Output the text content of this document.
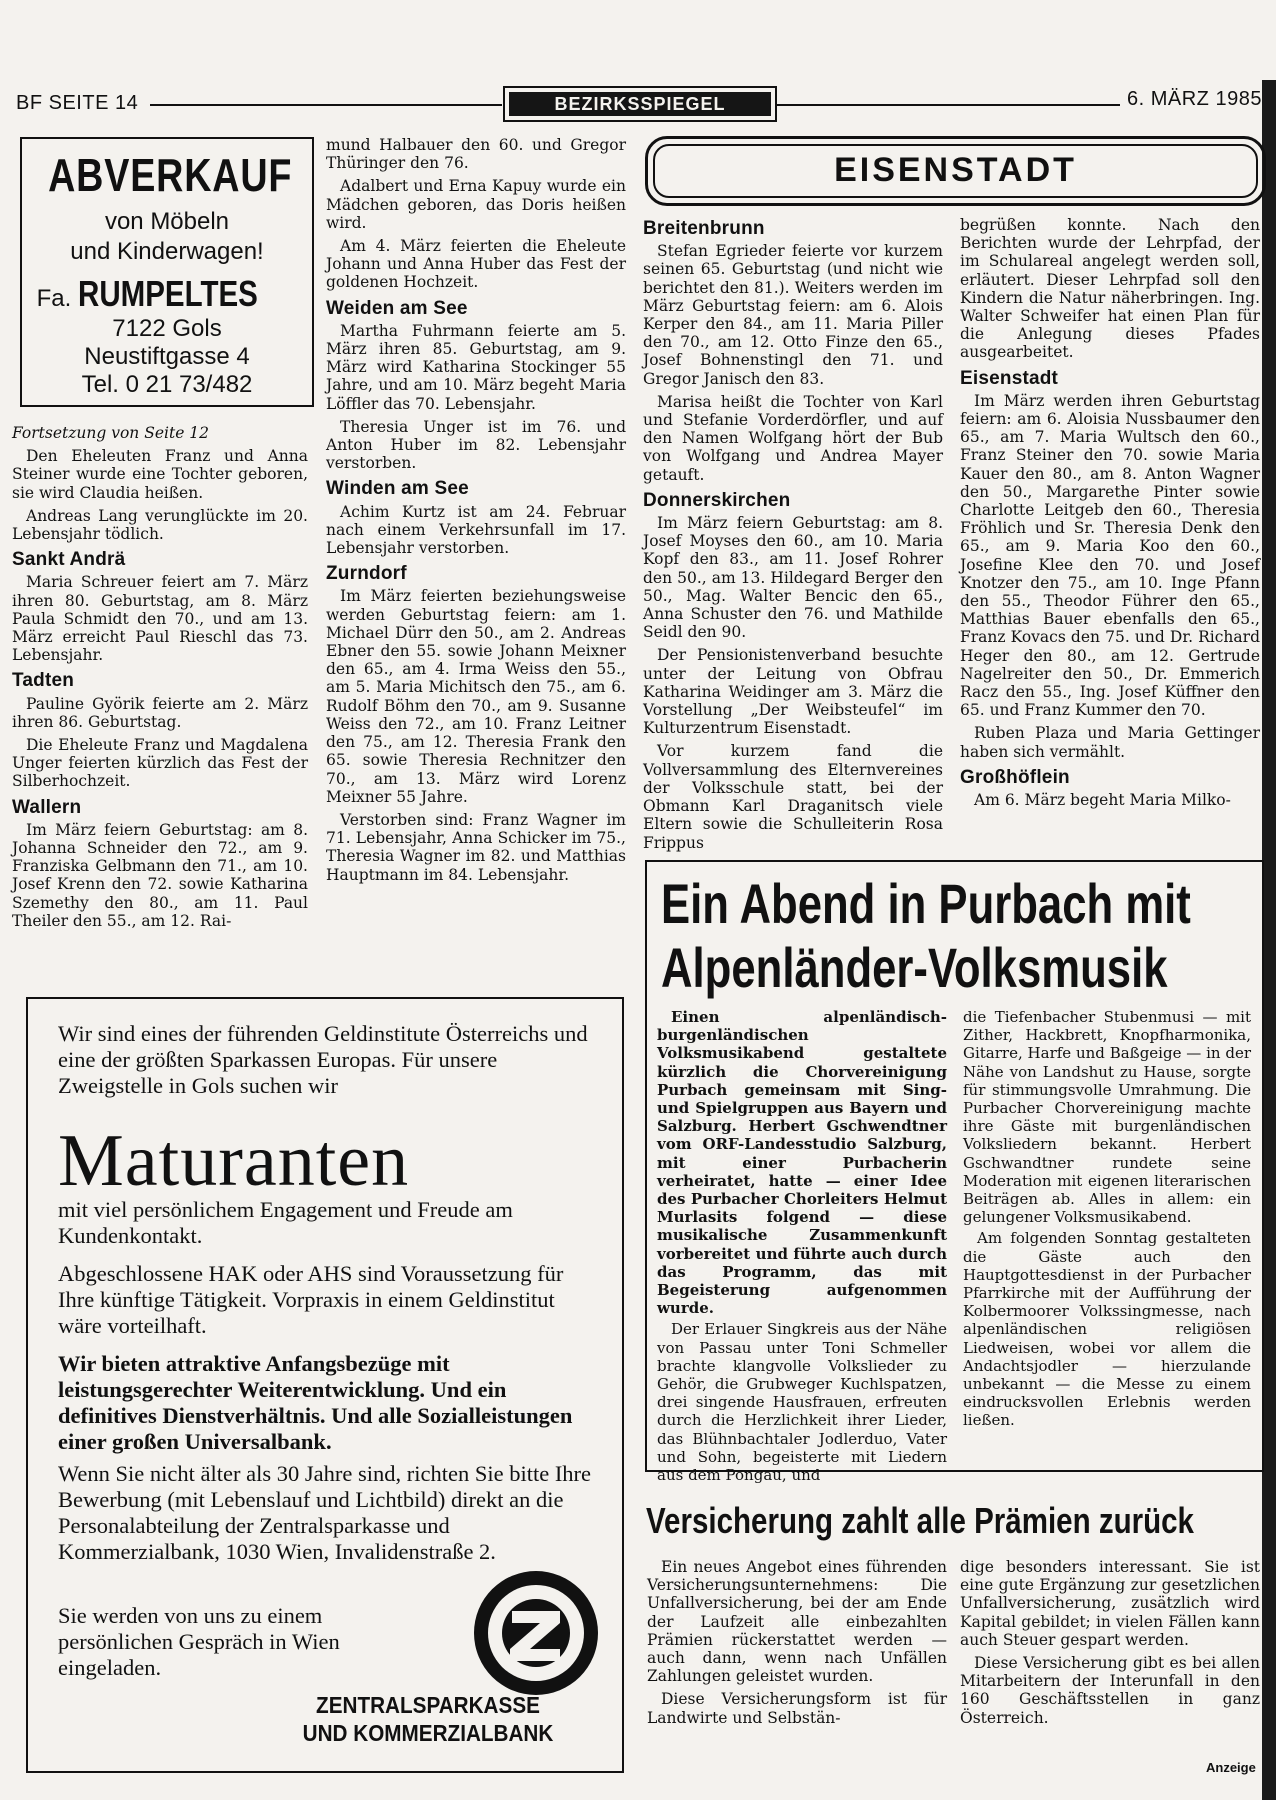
BF SEITE 14	BEZIRKSSPIEGEL	6. MÄRZ 1985
ABVERKAUF
von Möbeln
und Kinderwagen!
Fa. RUMPELTES
7122 Gols
Neustiftgasse 4
Tel. 0 21 73/482

Fortsetzung von Seite 12

Den Eheleuten Franz und Anna Steiner wurde eine Tochter geboren, sie wird Claudia heißen.

Andreas Lang verunglückte im 20. Lebensjahr tödlich.

Sankt Andrä

Maria Schreuer feiert am 7. März ihren 80. Geburtstag, am 8. März Paula Schmidt den 70., und am 13. März erreicht Paul Rieschl das 73. Lebensjahr.

Tadten

Pauline Györik feierte am 2. März ihren 86. Geburtstag.

Die Eheleute Franz und Magdalena Unger feierten kürzlich das Fest der Silberhochzeit.

Wallern

Im März feiern Geburtstag: am 8. Johanna Schneider den 72., am 9. Franziska Gelbmann den 71., am 10. Josef Krenn den 72. sowie Katharina Szemethy den 80., am 11. Paul Theiler den 55., am 12. Rai-

mund Halbauer den 60. und Gregor Thüringer den 76.

Adalbert und Erna Kapuy wurde ein Mädchen geboren, das Doris heißen wird.

Am 4. März feierten die Eheleute Johann und Anna Huber das Fest der goldenen Hochzeit.

Weiden am See

Martha Fuhrmann feierte am 5. März ihren 85. Geburtstag, am 9. März wird Katharina Stockinger 55 Jahre, und am 10. März begeht Maria Löffler das 70. Lebensjahr.

Theresia Unger ist im 76. und Anton Huber im 82. Lebensjahr verstorben.

Winden am See

Achim Kurtz ist am 24. Februar nach einem Verkehrsunfall im 17. Lebensjahr verstorben.

Zurndorf

Im März feierten beziehungsweise werden Geburtstag feiern: am 1. Michael Dürr den 50., am 2. Andreas Ebner den 55. sowie Johann Meixner den 65., am 4. Irma Weiss den 55., am 5. Maria Michitsch den 75., am 6. Rudolf Böhm den 70., am 9. Susanne Weiss den 72., am 10. Franz Leitner den 75., am 12. Theresia Frank den 65. sowie Theresia Rechnitzer den 70., am 13. März wird Lorenz Meixner 55 Jahre.

Verstorben sind: Franz Wagner im 71. Lebensjahr, Anna Schicker im 75., Theresia Wagner im 82. und Matthias Hauptmann im 84. Lebensjahr.

EISENSTADT
Breitenbrunn

Stefan Egrieder feierte vor kurzem seinen 65. Geburtstag (und nicht wie berichtet den 81.). Weiters werden im März Geburtstag feiern: am 6. Alois Kerper den 84., am 11. Maria Piller den 70., am 12. Otto Finze den 65., Josef Bohnenstingl den 71. und Gregor Janisch den 83.

Marisa heißt die Tochter von Karl und Stefanie Vorderdörfler, und auf den Namen Wolfgang hört der Bub von Wolfgang und Andrea Mayer getauft.

Donnerskirchen

Im März feiern Geburtstag: am 8. Josef Moyses den 60., am 10. Maria Kopf den 83., am 11. Josef Rohrer den 50., am 13. Hildegard Berger den 50., Mag. Walter Bencic den 65., Anna Schuster den 76. und Mathilde Seidl den 90.

Der Pensionistenverband besuchte unter der Leitung von Obfrau Katharina Weidinger am 3. März die Vorstellung „Der Weibsteufel“ im Kulturzentrum Eisenstadt.

Vor kurzem fand die Vollversammlung des Elternvereines der Volksschule statt, bei der Obmann Karl Draganitsch viele Eltern sowie die Schulleiterin Rosa Frippus

begrüßen konnte. Nach den Berichten wurde der Lehrpfad, der im Schulareal angelegt werden soll, erläutert. Dieser Lehrpfad soll den Kindern die Natur näherbringen. Ing. Walter Schweifer hat einen Plan für die Anlegung dieses Pfades ausgearbeitet.

Eisenstadt

Im März werden ihren Geburtstag feiern: am 6. Aloisia Nussbaumer den 65., am 7. Maria Wultsch den 60., Franz Steiner den 70. sowie Maria Kauer den 80., am 8. Anton Wagner den 50., Margarethe Pinter sowie Charlotte Leitgeb den 60., Theresia Fröhlich und Sr. Theresia Denk den 65., am 9. Maria Koo den 60., Josefine Klee den 70. und Josef Knotzer den 75., am 10. Inge Pfann den 55., Theodor Führer den 65., Matthias Bauer ebenfalls den 65., Franz Kovacs den 75. und Dr. Richard Heger den 80., am 12. Gertrude Nagelreiter den 50., Dr. Emmerich Racz den 55., Ing. Josef Küffner den 65. und Franz Kummer den 70.

Ruben Plaza und Maria Gettinger haben sich vermählt.

Großhöflein

Am 6. März begeht Maria Milko-

Ein Abend in Purbach mit
Alpenländer-Volksmusik

Einen alpenländisch-burgenländischen Volksmusikabend gestaltete kürzlich die Chorvereinigung Purbach gemeinsam mit Sing- und Spielgruppen aus Bayern und Salzburg. Herbert Gschwendtner vom ORF-Landesstudio Salzburg, mit einer Purbacherin verheiratet, hatte — einer Idee des Purbacher Chorleiters Helmut Murlasits folgend — diese musikalische Zusammenkunft vorbereitet und führte auch durch das Programm, das mit Begeisterung aufgenommen wurde.

Der Erlauer Singkreis aus der Nähe von Passau unter Toni Schmeller brachte klangvolle Volkslieder zu Gehör, die Grubweger Kuchlspatzen, drei singende Hausfrauen, erfreuten durch die Herzlichkeit ihrer Lieder, das Blühnbachtaler Jodlerduo, Vater und Sohn, begeisterte mit Liedern aus dem Pongau, und

die Tiefenbacher Stubenmusi — mit Zither, Hackbrett, Knopfharmonika, Gitarre, Harfe und Baßgeige — in der Nähe von Landshut zu Hause, sorgte für stimmungsvolle Umrahmung. Die Purbacher Chorvereinigung machte ihre Gäste mit burgenländischen Volksliedern bekannt. Herbert Gschwandtner rundete seine Moderation mit eigenen literarischen Beiträgen ab. Alles in allem: ein gelungener Volksmusikabend.

Am folgenden Sonntag gestalteten die Gäste auch den Hauptgottesdienst in der Purbacher Pfarrkirche mit der Aufführung der Kolbermoorer Volkssingmesse, nach alpenländischen religiösen Liedweisen, wobei vor allem die Andachtsjodler — hierzulande unbekannt — die Messe zu einem eindrucksvollen Erlebnis werden ließen.

Versicherung zahlt alle Prämien zurück

Ein neues Angebot eines führenden Versicherungsunternehmens: Die Unfallversicherung, bei der am Ende der Laufzeit alle einbezahlten Prämien rückerstattet werden — auch dann, wenn nach Unfällen Zahlungen geleistet wurden.

Diese Versicherungsform ist für Landwirte und Selbstän-

dige besonders interessant. Sie ist eine gute Ergänzung zur gesetzlichen Unfallversicherung, zusätzlich wird Kapital gebildet; in vielen Fällen kann auch Steuer gespart werden.

Diese Versicherung gibt es bei allen Mitarbeitern der Interunfall in den 160 Geschäftsstellen in ganz Österreich.

Anzeige
Wir sind eines der führenden Geldinstitute Österreichs und eine der größten Sparkassen Europas. Für unsere Zweigstelle in Gols suchen wir
Maturanten
mit viel persönlichem Engagement und Freude am Kundenkontakt.
Abgeschlossene HAK oder AHS sind Voraussetzung für Ihre künftige Tätigkeit. Vorpraxis in einem Geldinstitut wäre vorteilhaft.
Wir bieten attraktive Anfangsbezüge mit leistungsgerechter Weiterentwicklung. Und ein definitives Dienstverhältnis. Und alle Sozialleistungen einer großen Universalbank.
Wenn Sie nicht älter als 30 Jahre sind, richten Sie bitte Ihre Bewerbung (mit Lebenslauf und Lichtbild) direkt an die Personalabteilung der Zentralsparkasse und Kommerzialbank, 1030 Wien, Invalidenstraße 2.
Sie werden von uns zu einem persönlichen Gespräch in Wien eingeladen.
ZENTRALSPARKASSE
UND KOMMERZIALBANK
